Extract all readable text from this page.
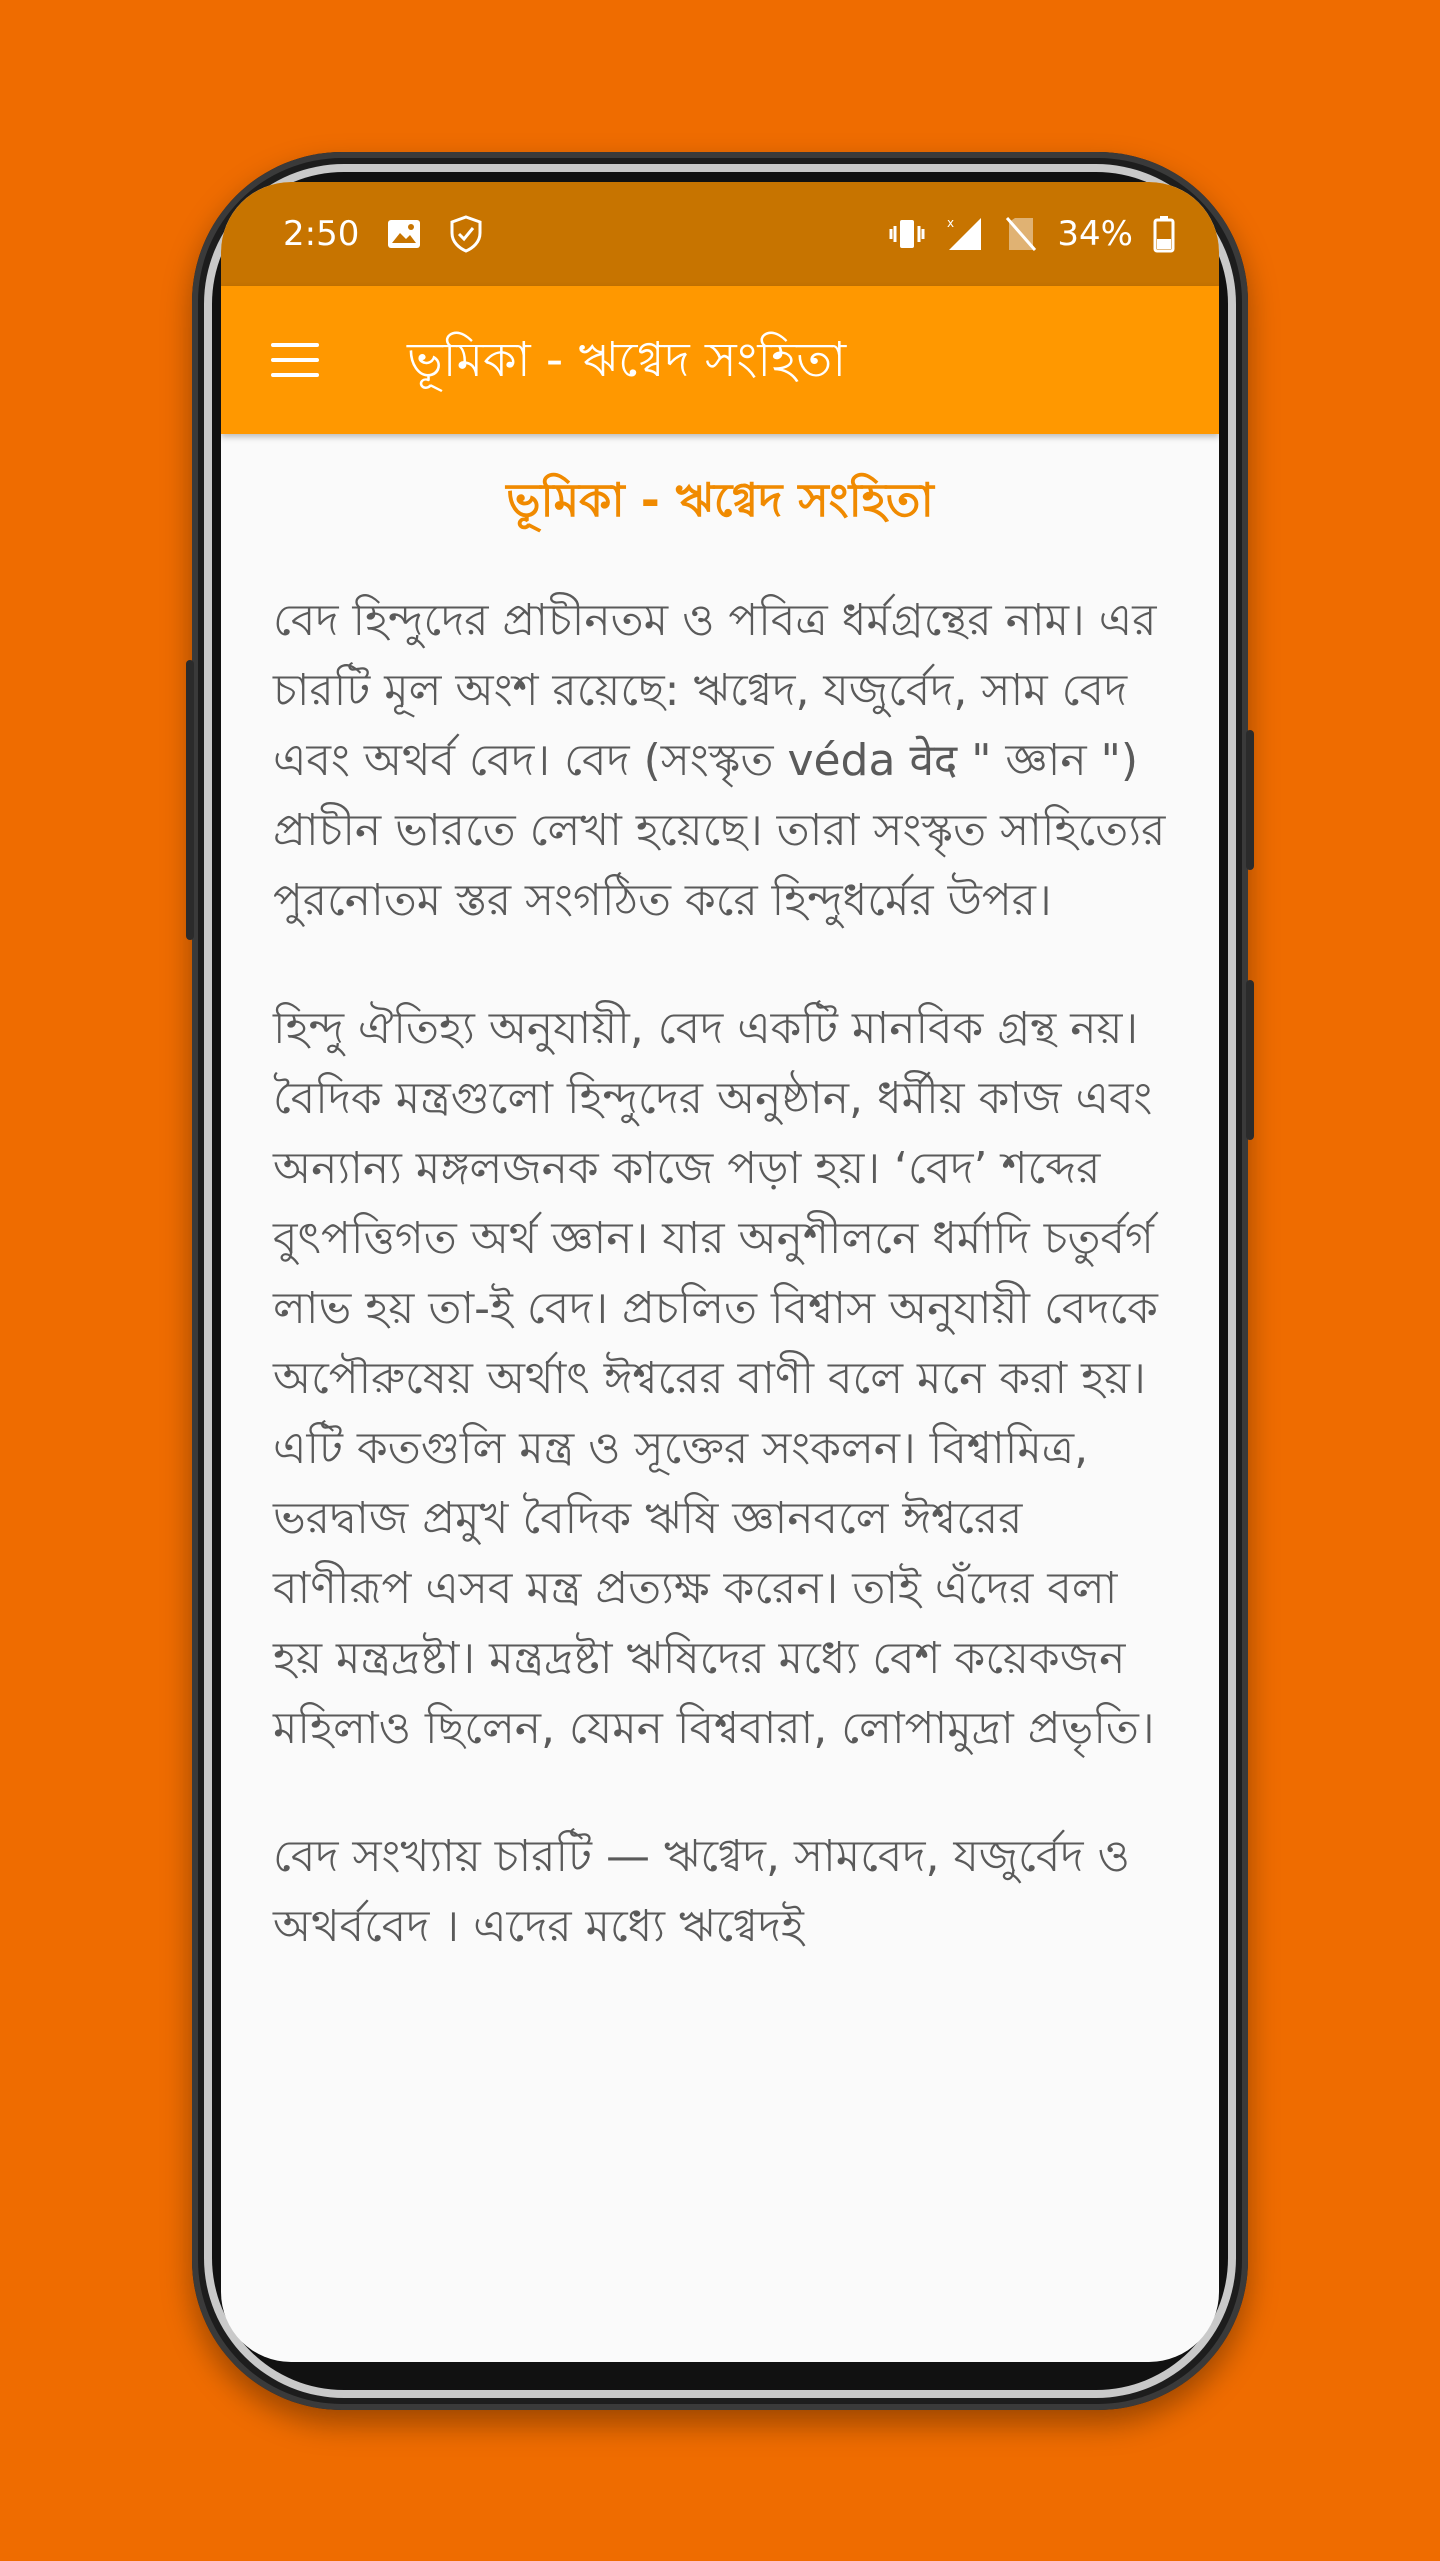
2:50	x	34%
ভূমিকা - ঋগ্বেদ সংহিতা
ভূমিকা - ঋগ্বেদ সংহিতা

বেদ হিন্দুদের প্রাচীনতম ও পবিত্র ধর্মগ্রন্থের নাম। এর চারটি মূল অংশ রয়েছে: ঋগ্বেদ, যজুর্বেদ, সাম বেদ এবং অথর্ব বেদ। বেদ (সংস্কৃত véda वेद " জ্ঞান ") প্রাচীন ভারতে লেখা হয়েছে। তারা সংস্কৃত সাহিত্যের পুরনোতম স্তর সংগঠিত করে হিন্দুধর্মের উপর।

হিন্দু ঐতিহ্য অনুযায়ী, বেদ একটি মানবিক গ্রন্থ নয়। বৈদিক মন্ত্রগুলো হিন্দুদের অনুষ্ঠান, ধর্মীয় কাজ এবং অন্যান্য মঙ্গলজনক কাজে পড়া হয়। ‘বেদ’ শব্দের বুৎপত্তিগত অর্থ জ্ঞান। যার অনুশীলনে ধর্মাদি চতুর্বর্গ লাভ হয় তা-ই বেদ। প্রচলিত বিশ্বাস অনুযায়ী বেদকে অপৌরুষেয় অর্থাৎ ঈশ্বরের বাণী বলে মনে করা হয়। এটি কতগুলি মন্ত্র ও সূক্তের সংকলন। বিশ্বামিত্র, ভরদ্বাজ প্রমুখ বৈদিক ঋষি জ্ঞানবলে ঈশ্বরের বাণীরূপ এসব মন্ত্র প্রত্যক্ষ করেন। তাই এঁদের বলা হয় মন্ত্রদ্রষ্টা। মন্ত্রদ্রষ্টা ঋষিদের মধ্যে বেশ কয়েকজন মহিলাও ছিলেন, যেমন বিশ্ববারা, লোপামুদ্রা প্রভৃতি।

বেদ সংখ্যায় চারটি — ঋগ্বেদ, সামবেদ, যজুর্বেদ ও অথর্ববেদ । এদের মধ্যে ঋগ্বেদই
